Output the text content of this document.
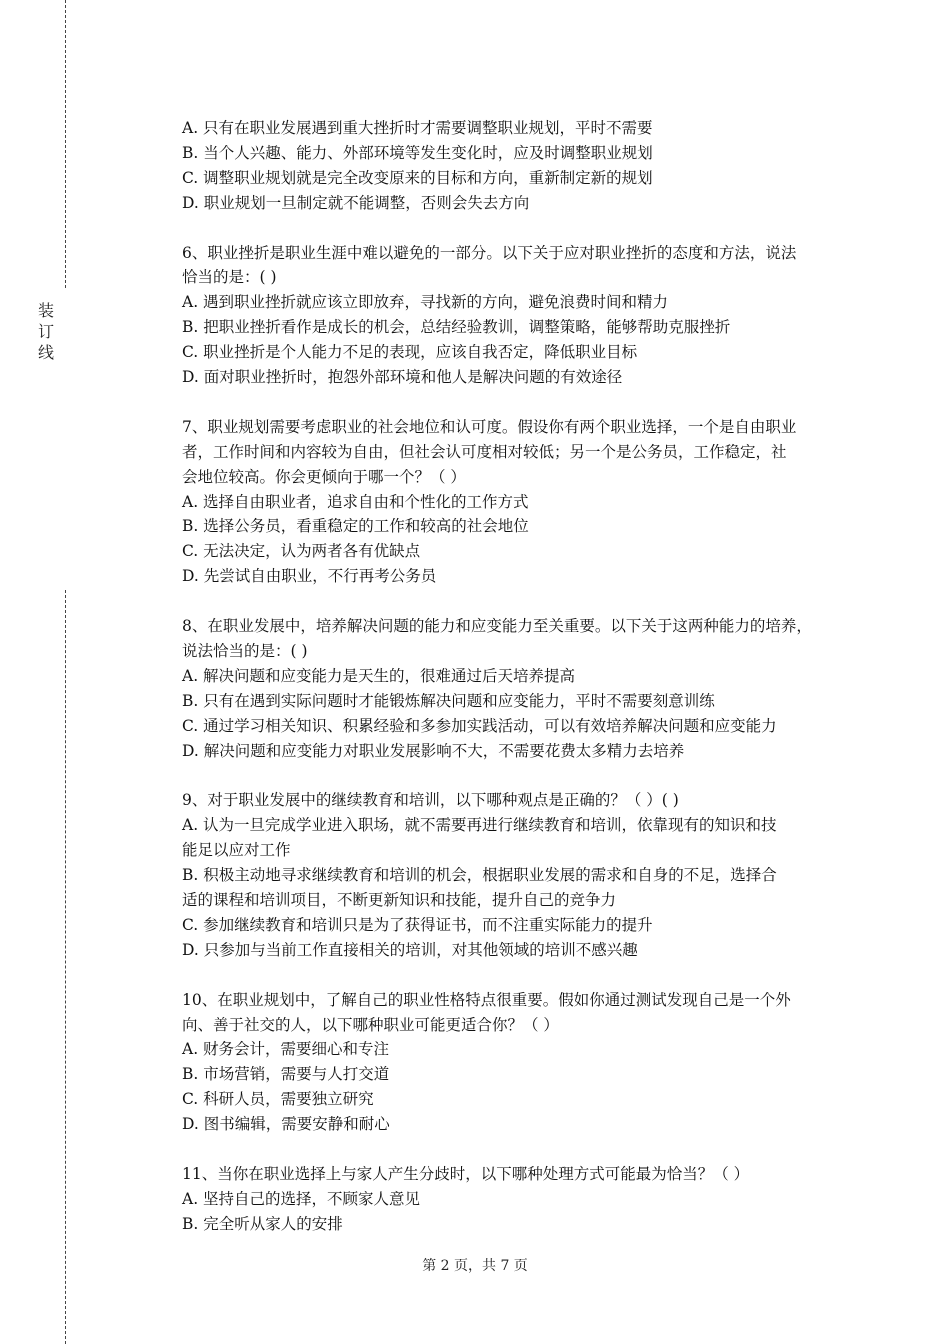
装
订
线
A. 只有在职业发展遇到重大挫折时才需要调整职业规划，平时不需要
B. 当个人兴趣、能力、外部环境等发生变化时，应及时调整职业规划
C. 调整职业规划就是完全改变原来的目标和方向，重新制定新的规划
D. 职业规划一旦制定就不能调整，否则会失去方向
6、职业挫折是职业生涯中难以避免的一部分。以下关于应对职业挫折的态度和方法，说法
恰当的是：( )
A. 遇到职业挫折就应该立即放弃，寻找新的方向，避免浪费时间和精力
B. 把职业挫折看作是成长的机会，总结经验教训，调整策略，能够帮助克服挫折
C. 职业挫折是个人能力不足的表现，应该自我否定，降低职业目标
D. 面对职业挫折时，抱怨外部环境和他人是解决问题的有效途径
7、职业规划需要考虑职业的社会地位和认可度。假设你有两个职业选择，一个是自由职业
者，工作时间和内容较为自由，但社会认可度相对较低；另一个是公务员，工作稳定，社
会地位较高。你会更倾向于哪一个？（ ）
A. 选择自由职业者，追求自由和个性化的工作方式
B. 选择公务员，看重稳定的工作和较高的社会地位
C. 无法决定，认为两者各有优缺点
D. 先尝试自由职业，不行再考公务员
8、在职业发展中，培养解决问题的能力和应变能力至关重要。以下关于这两种能力的培养，
说法恰当的是：( )
A. 解决问题和应变能力是天生的，很难通过后天培养提高
B. 只有在遇到实际问题时才能锻炼解决问题和应变能力，平时不需要刻意训练
C. 通过学习相关知识、积累经验和多参加实践活动，可以有效培养解决问题和应变能力
D. 解决问题和应变能力对职业发展影响不大，不需要花费太多精力去培养
9、对于职业发展中的继续教育和培训，以下哪种观点是正确的？（ ）( )
A. 认为一旦完成学业进入职场，就不需要再进行继续教育和培训，依靠现有的知识和技
能足以应对工作
B. 积极主动地寻求继续教育和培训的机会，根据职业发展的需求和自身的不足，选择合
适的课程和培训项目，不断更新知识和技能，提升自己的竞争力
C. 参加继续教育和培训只是为了获得证书，而不注重实际能力的提升
D. 只参加与当前工作直接相关的培训，对其他领域的培训不感兴趣
10、在职业规划中，了解自己的职业性格特点很重要。假如你通过测试发现自己是一个外
向、善于社交的人，以下哪种职业可能更适合你？（ ）
A. 财务会计，需要细心和专注
B. 市场营销，需要与人打交道
C. 科研人员，需要独立研究
D. 图书编辑，需要安静和耐心
11、当你在职业选择上与家人产生分歧时，以下哪种处理方式可能最为恰当？（ ）
A. 坚持自己的选择，不顾家人意见
B. 完全听从家人的安排
第 2 页，共 7 页
